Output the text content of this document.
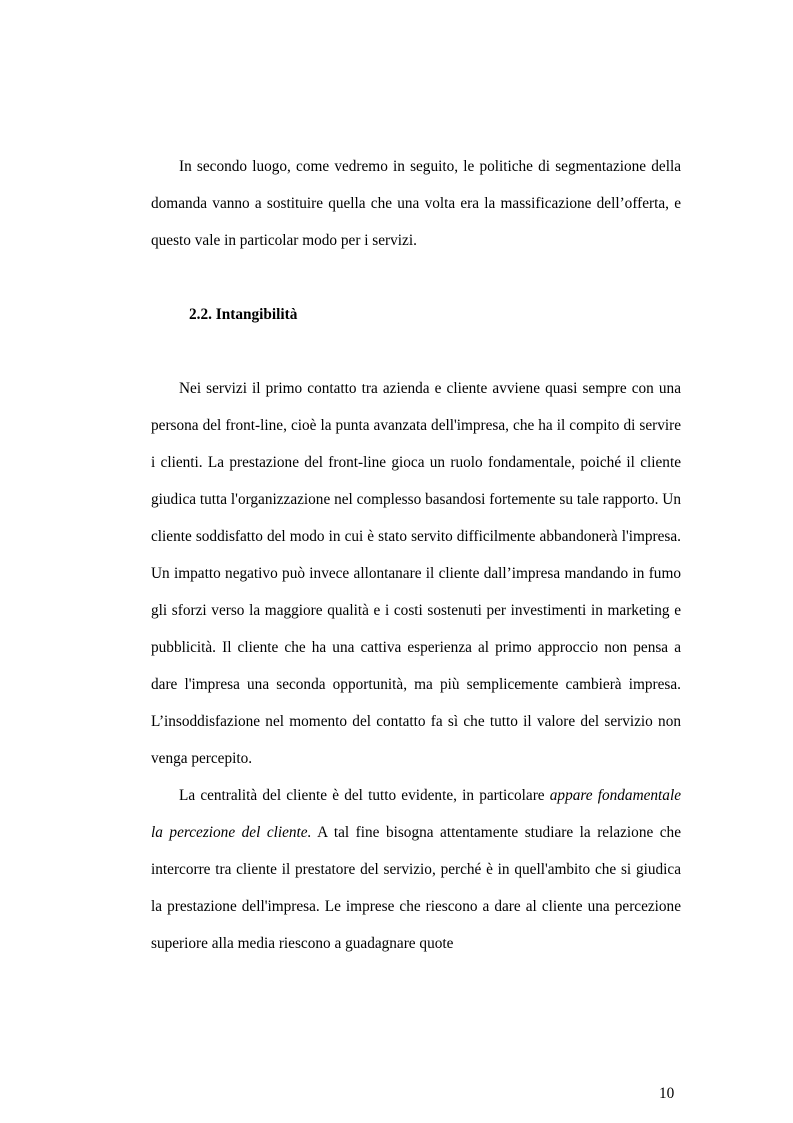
In secondo luogo, come vedremo in seguito, le politiche di segmentazione della domanda vanno a sostituire quella che una volta era la massificazione dell’offerta, e questo vale in particolar modo per i servizi.

2.2. Intangibilità

Nei servizi il primo contatto tra azienda e cliente avviene quasi sempre con una persona del front-line, cioè la punta avanzata dell'impresa, che ha il compito di servire i clienti. La prestazione del front-line gioca un ruolo fondamentale, poiché il cliente giudica tutta l'organizzazione nel complesso basandosi fortemente su tale rapporto. Un cliente soddisfatto del modo in cui è stato servito difficilmente abbandonerà l'impresa. Un impatto negativo può invece allontanare il cliente dall’impresa mandando in fumo gli sforzi verso la maggiore qualità e i costi sostenuti per investimenti in marketing e pubblicità. Il cliente che ha una cattiva esperienza al primo approccio non pensa a dare l'impresa una seconda opportunità, ma più semplicemente cambierà impresa. L’insoddisfazione nel momento del contatto fa sì che tutto il valore del servizio non venga percepito.

La centralità del cliente è del tutto evidente, in particolare appare fondamentale la percezione del cliente. A tal fine bisogna attentamente studiare la relazione che intercorre tra cliente il prestatore del servizio, perché è in quell'ambito che si giudica la prestazione dell'impresa. Le imprese che riescono a dare al cliente una percezione superiore alla media riescono a guadagnare quote

10
